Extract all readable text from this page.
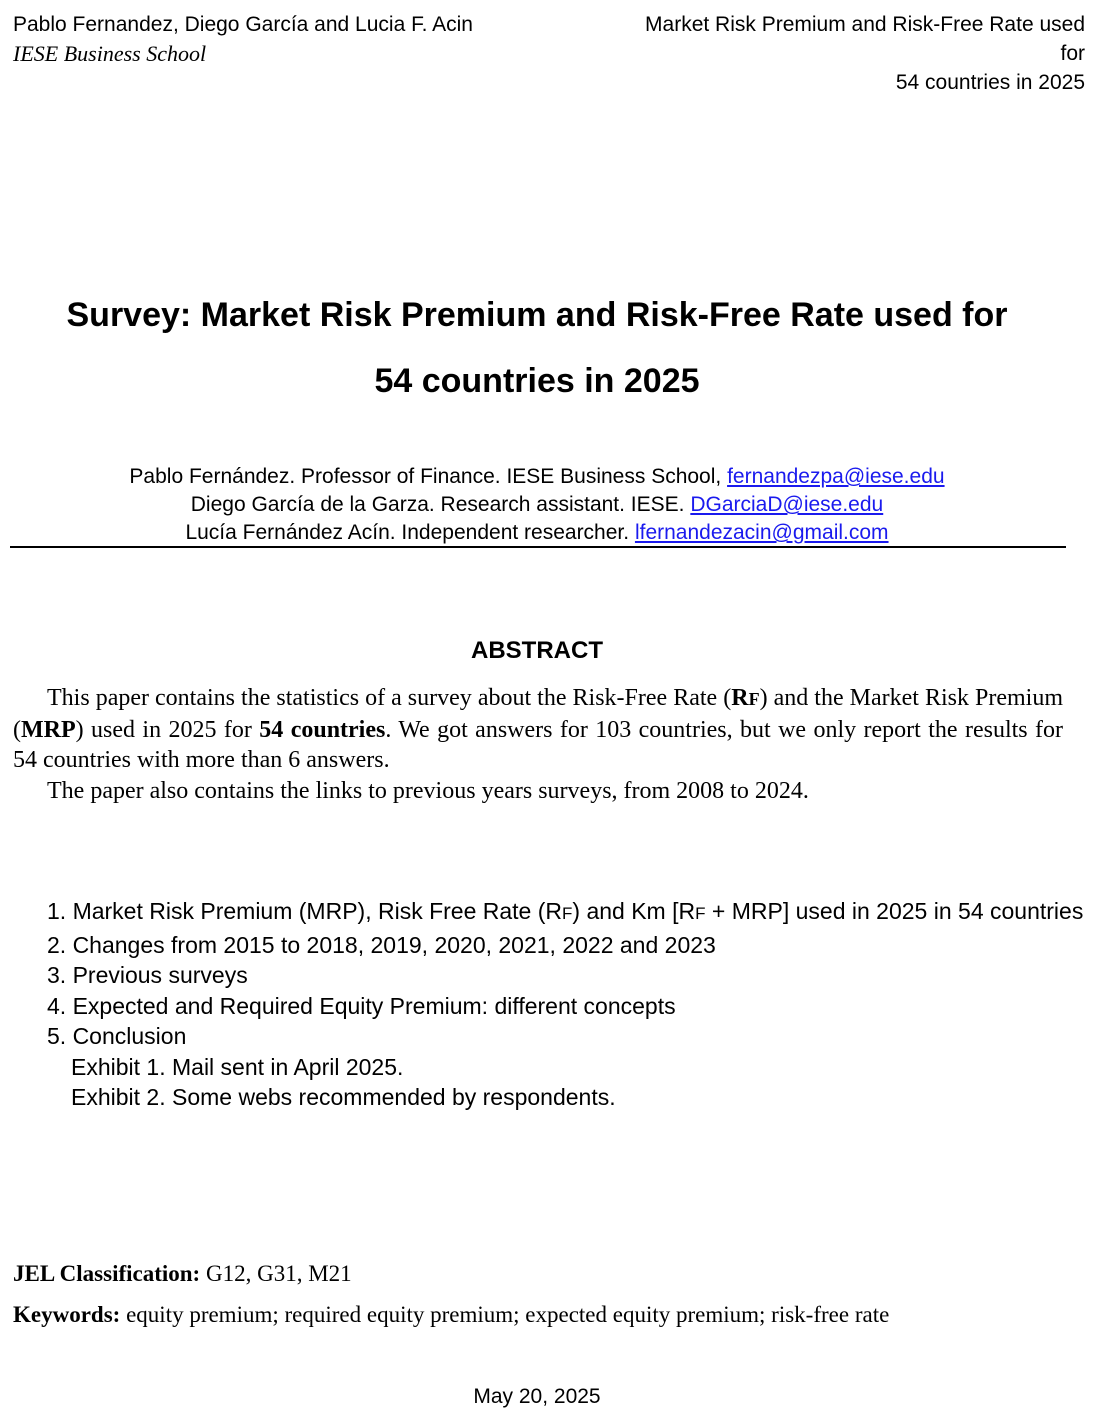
Pablo Fernandez, Diego García and Lucia F. Acin
IESE Business School
Market Risk Premium and Risk-Free Rate used for
54 countries in 2025
Survey: Market Risk Premium and Risk-Free Rate used for
54 countries in 2025
Pablo Fernández. Professor of Finance. IESE Business School, fernandezpa@iese.edu
Diego García de la Garza. Research assistant. IESE. DGarciaD@iese.edu
Lucía Fernández Acín. Independent researcher. lfernandezacin@gmail.com
ABSTRACT

This paper contains the statistics of a survey about the Risk-Free Rate (RF) and the Market Risk Premium (MRP) used in 2025 for 54 countries. We got answers for 103 countries, but we only report the results for 54 countries with more than 6 answers.

The paper also contains the links to previous years surveys, from 2008 to 2024.

1. Market Risk Premium (MRP), Risk Free Rate (RF) and Km [RF + MRP] used in 2025 in 54 countries
2. Changes from 2015 to 2018, 2019, 2020, 2021, 2022 and 2023
3. Previous surveys
4. Expected and Required Equity Premium: different concepts
5. Conclusion
Exhibit 1. Mail sent in April 2025.
Exhibit 2. Some webs recommended by respondents.
JEL Classification: G12, G31, M21
Keywords: equity premium; required equity premium; expected equity premium; risk-free rate
May 20, 2025
